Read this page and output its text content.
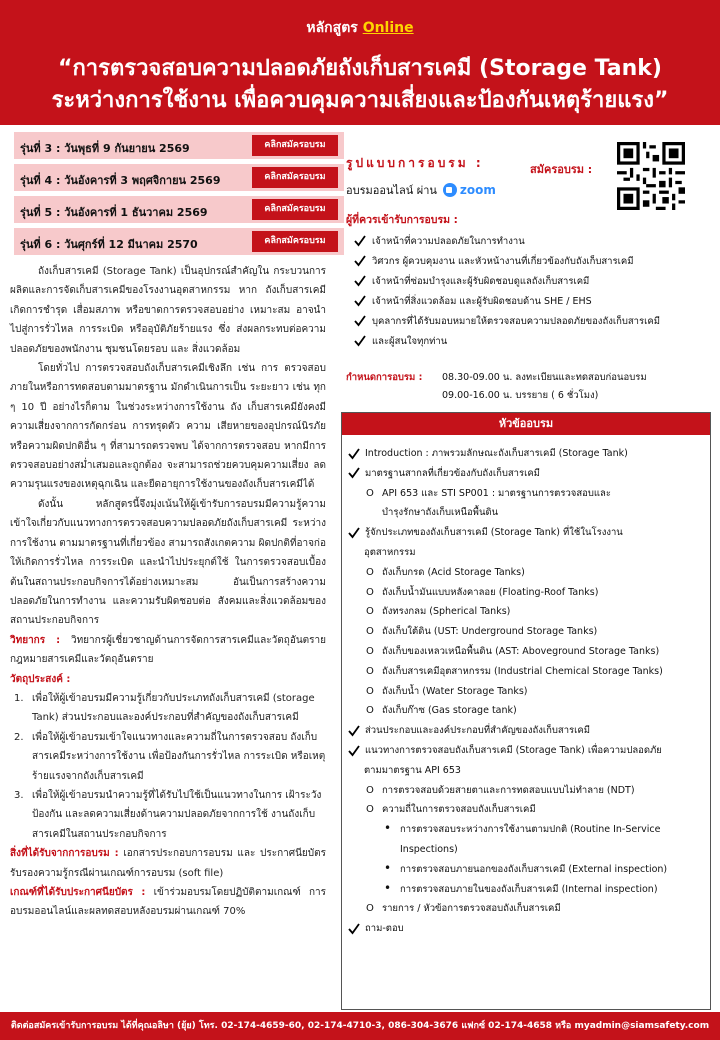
หลักสูตร Online
“การตรวจสอบความปลอดภัยถังเก็บสารเคมี (Storage Tank)
ระหว่างการใช้งาน เพื่อควบคุมความเสี่ยงและป้องกันเหตุร้ายแรง”
รุ่นที่ 3 : วันพุธที่ 9 กันยายน 2569	คลิกสมัครอบรม
รุ่นที่ 4 : วันอังคารที่ 3 พฤศจิกายน 2569	คลิกสมัครอบรม
รุ่นที่ 5 : วันอังคารที่ 1 ธันวาคม 2569	คลิกสมัครอบรม
รุ่นที่ 6 : วันศุกร์ที่ 12 มีนาคม 2570	คลิกสมัครอบรม
รูปแบบการอบรม :
อบรมออนไลน์ ผ่าน zoom
สมัครอบรม :
ผู้ที่ควรเข้ารับการอบรม :
เจ้าหน้าที่ความปลอดภัยในการทำงาน
วิศวกร ผู้ควบคุมงาน และหัวหน้างานที่เกี่ยวข้องกับถังเก็บสารเคมี
เจ้าหน้าที่ซ่อมบำรุงและผู้รับผิดชอบดูแลถังเก็บสารเคมี
เจ้าหน้าที่สิ่งแวดล้อม และผู้รับผิดชอบด้าน SHE / EHS
บุคลากรที่ได้รับมอบหมายให้ตรวจสอบความปลอดภัยของถังเก็บสารเคมี
และผู้สนใจทุกท่าน
กำหนดการอบรม : 08.30-09.00 น. ลงทะเบียนและทดสอบก่อนอบรม
09.00-16.00 น. บรรยาย ( 6 ชั่วโมง)
หัวข้ออบรม
Introduction : ภาพรวมลักษณะถังเก็บสารเคมี (Storage Tank)
มาตรฐานสากลที่เกี่ยวข้องกับถังเก็บสารเคมี
O API 653 และ STI SP001 : มาตรฐานการตรวจสอบและ
บำรุงรักษาถังเก็บเหนือพื้นดิน
รู้จักประเภทของถังเก็บสารเคมี (Storage Tank) ที่ใช้ในโรงงาน
อุตสาหกรรม
O ถังเก็บกรด (Acid Storage Tanks)
O ถังเก็บน้ำมันแบบหลังคาลอย (Floating-Roof Tanks)
O ถังทรงกลม (Spherical Tanks)
O ถังเก็บใต้ดิน (UST: Underground Storage Tanks)
O ถังเก็บของเหลวเหนือพื้นดิน (AST: Aboveground Storage Tanks)
O ถังเก็บสารเคมีอุตสาหกรรม (Industrial Chemical Storage Tanks)
O ถังเก็บน้ำ (Water Storage Tanks)
O ถังเก็บก๊าซ (Gas storage tank)
ส่วนประกอบและองค์ประกอบที่สำคัญของถังเก็บสารเคมี
แนวทางการตรวจสอบถังเก็บสารเคมี (Storage Tank) เพื่อความปลอดภัย
ตามมาตรฐาน API 653
O การตรวจสอบด้วยสายตาและการทดสอบแบบไม่ทำลาย (NDT)
O ความถี่ในการตรวจสอบถังเก็บสารเคมี
• การตรวจสอบระหว่างการใช้งานตามปกติ (Routine In-Service
Inspections)
• การตรวจสอบภายนอกของถังเก็บสารเคมี (External inspection)
• การตรวจสอบภายในของถังเก็บสารเคมี (Internal inspection)
O รายการ / หัวข้อการตรวจสอบถังเก็บสารเคมี
ถาม-ตอบ

ถังเก็บสารเคมี (Storage Tank) เป็นอุปกรณ์สำคัญใน กระบวนการผลิตและการจัดเก็บสารเคมีของโรงงานอุตสาหกรรม หาก ถังเก็บสารเคมีเกิดการชำรุด เสื่อมสภาพ หรือขาดการตรวจสอบอย่าง เหมาะสม อาจนำไปสู่การรั่วไหล การระเบิด หรืออุบัติภัยร้ายแรง ซึ่ง ส่งผลกระทบต่อความปลอดภัยของพนักงาน ชุมชนโดยรอบ และ สิ่งแวดล้อม

โดยทั่วไป การตรวจสอบถังเก็บสารเคมีเชิงลึก เช่น การ ตรวจสอบภายในหรือการทดสอบตามมาตรฐาน มักดำเนินการเป็น ระยะยาว เช่น ทุก ๆ 10 ปี อย่างไรก็ตาม ในช่วงระหว่างการใช้งาน ถัง เก็บสารเคมียังคงมีความเสี่ยงจากการกัดกร่อน การทรุดตัว ความ เสียหายของอุปกรณ์นิรภัย หรือความผิดปกติอื่น ๆ ที่สามารถตรวจพบ ได้จากการตรวจสอบ หากมีการตรวจสอบอย่างสม่ำเสมอและถูกต้อง จะสามารถช่วยควบคุมความเสี่ยง ลดความรุนแรงของเหตุฉุกเฉิน และยืดอายุการใช้งานของถังเก็บสารเคมีได้

ดังนั้น หลักสูตรนี้จึงมุ่งเน้นให้ผู้เข้ารับการอบรมมีความรู้ความ เข้าใจเกี่ยวกับแนวทางการตรวจสอบความปลอดภัยถังเก็บสารเคมี ระหว่างการใช้งาน ตามมาตรฐานที่เกี่ยวข้อง สามารถสังเกตความ ผิดปกติที่อาจก่อให้เกิดการรั่วไหล การระเบิด และนำไปประยุกต์ใช้ ในการตรวจสอบเบื้องต้นในสถานประกอบกิจการได้อย่างเหมาะสม อันเป็นการสร้างความปลอดภัยในการทำงาน และความรับผิดชอบต่อ สังคมและสิ่งแวดล้อมของสถานประกอบกิจการ

วิทยากร : วิทยากรผู้เชี่ยวชาญด้านการจัดการสารเคมีและวัตถุอันตราย กฎหมายสารเคมีและวัตถุอันตราย

วัตถุประสงค์ :

1. เพื่อให้ผู้เข้าอบรมมีความรู้เกี่ยวกับประเภทถังเก็บสารเคมี (storage Tank) ส่วนประกอบและองค์ประกอบที่สำคัญของถังเก็บสารเคมี
2. เพื่อให้ผู้เข้าอบรมเข้าใจแนวทางและความถี่ในการตรวจสอบ ถังเก็บสารเคมีระหว่างการใช้งาน เพื่อป้องกันการรั่วไหล การระเบิด หรือเหตุร้ายแรงจากถังเก็บสารเคมี
3. เพื่อให้ผู้เข้าอบรมนำความรู้ที่ได้รับไปใช้เป็นแนวทางในการ เฝ้าระวัง ป้องกัน และลดความเสี่ยงด้านความปลอดภัยจากการใช้ งานถังเก็บสารเคมีในสถานประกอบกิจการ

สิ่งที่ได้รับจากการอบรม : เอกสารประกอบการอบรม และ ประกาศนียบัตรรับรองความรู้กรณีผ่านเกณฑ์การอบรม (soft file)

เกณฑ์ที่ได้รับประกาศนียบัตร : เข้าร่วมอบรมโดยปฏิบัติตามเกณฑ์ การอบรมออนไลน์และผลทดสอบหลังอบรมผ่านเกณฑ์ 70%

ติดต่อสมัครเข้ารับการอบรม ได้ที่คุณอลิษา (ยุ้ย) โทร. 02-174-4659-60, 02-174-4710-3, 086-304-3676 แฟกซ์ 02-174-4658 หรือ myadmin@siamsafety.com
